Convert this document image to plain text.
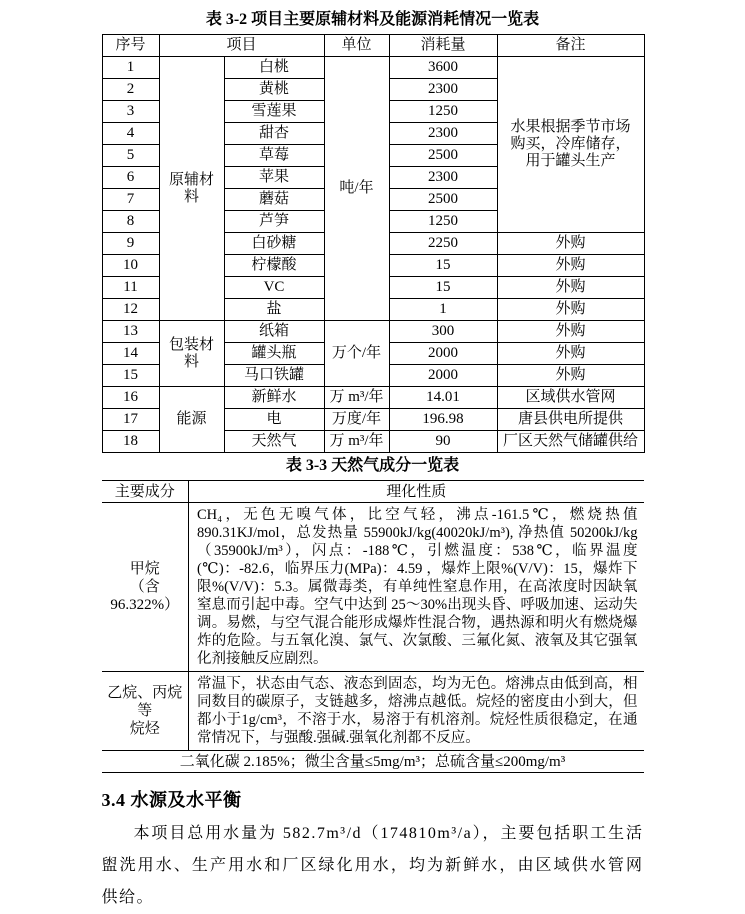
表 3-2 项目主要原辅材料及能源消耗情况一览表
序号	项目		单位	消耗量	备注
1	原辅材料	白桃	吨/年	3600	水果根据季节市场购买，冷库储存，用于罐头生产
2		黄桃		2300	
3		雪莲果		1250	
4		甜杏		2300	
5		草莓		2500	
6		苹果		2300	
7		蘑菇		2500	
8		芦笋		1250	
9		白砂糖		2250	外购
10		柠檬酸		15	外购
11		VC		15	外购
12		盐		1	外购
13	包装材料	纸箱	万个/年	300	外购
14		罐头瓶		2000	外购
15		马口铁罐		2000	外购
16	能源	新鲜水	万 m³/年	14.01	区域供水管网
17		电	万度/年	196.98	唐县供电所提供
18		天然气	万 m³/年	90	厂区天然气储罐供给
表 3-3 天然气成分一览表
主要成分	理化性质

甲烷
（含
96.322%）
	CH₄，无色无嗅气体，比空气轻，沸点-161.5℃，燃烧热值 890.31KJ/mol，总发热量 55900kJ/kg(40020kJ/m³), 净热值 50200kJ/kg（35900kJ/m³），闪点：-188℃，引燃温度：538℃，临界温度(℃)：-82.6，临界压力(MPa)：4.59 ，爆炸上限%(V/V)：15，爆炸下限%(V/V)：5.3。属微毒类，有单纯性窒息作用，在高浓度时因缺氧窒息而引起中毒。空气中达到 25～30%出现头昏、呼吸加速、运动失调。易燃，与空气混合能形成爆炸性混合物，遇热源和明火有燃烧爆炸的危险。与五氧化溴、氯气、次氯酸、三氟化氮、液氧及其它强氧化剂接触反应剧烈。

乙烷、丙烷等
烷烃	常温下，状态由气态、液态到固态，均为无色。熔沸点由低到高，相同数目的碳原子，支链越多，熔沸点越低。烷烃的密度由小到大，但都小于1g/cm³，不溶于水，易溶于有机溶剂。烷烃性质很稳定，在通常情况下，与强酸.强碱.强氧化剂都不反应。
二氧化碳 2.185%；微尘含量≤5mg/m³；总硫含量≤200mg/m³	
3.4 水源及水平衡

本项目总用水量为 582.7m³/d（174810m³/a），主要包括职工生活盥洗用水、生产用水和厂区绿化用水，均为新鲜水，由区域供水管网供给。
